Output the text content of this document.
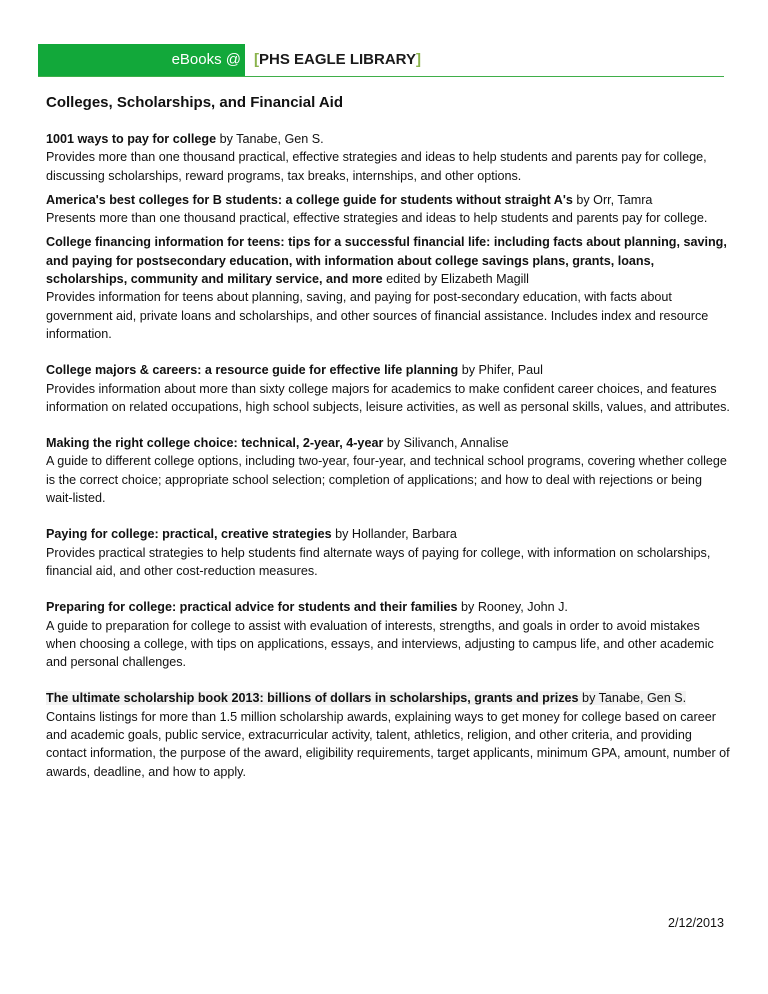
eBooks @ [PHS EAGLE LIBRARY]
Colleges, Scholarships, and Financial Aid
1001 ways to pay for college by Tanabe, Gen S.
Provides more than one thousand practical, effective strategies and ideas to help students and parents pay for college, discussing scholarships, reward programs, tax breaks, internships, and other options.
America's best colleges for B students: a college guide for students without straight A's by Orr, Tamra
Presents more than one thousand practical, effective strategies and ideas to help students and parents pay for college.
College financing information for teens: tips for a successful financial life: including facts about planning, saving, and paying for postsecondary education, with information about college savings plans, grants, loans, scholarships, community and military service, and more edited by Elizabeth Magill
Provides information for teens about planning, saving, and paying for post-secondary education, with facts about government aid, private loans and scholarships, and other sources of financial assistance. Includes index and resource information.
College majors & careers: a resource guide for effective life planning by Phifer, Paul
Provides information about more than sixty college majors for academics to make confident career choices, and features information on related occupations, high school subjects, leisure activities, as well as personal skills, values, and attributes.
Making the right college choice: technical, 2-year, 4-year by Silivanch, Annalise
A guide to different college options, including two-year, four-year, and technical school programs, covering whether college is the correct choice; appropriate school selection; completion of applications; and how to deal with rejections or being wait-listed.
Paying for college: practical, creative strategies by Hollander, Barbara
Provides practical strategies to help students find alternate ways of paying for college, with information on scholarships, financial aid, and other cost-reduction measures.
Preparing for college: practical advice for students and their families by Rooney, John J.
A guide to preparation for college to assist with evaluation of interests, strengths, and goals in order to avoid mistakes when choosing a college, with tips on applications, essays, and interviews, adjusting to campus life, and other academic and personal challenges.
The ultimate scholarship book 2013: billions of dollars in scholarships, grants and prizes by Tanabe, Gen S.
Contains listings for more than 1.5 million scholarship awards, explaining ways to get money for college based on career and academic goals, public service, extracurricular activity, talent, athletics, religion, and other criteria, and providing contact information, the purpose of the award, eligibility requirements, target applicants, minimum GPA, amount, number of awards, deadline, and how to apply.
2/12/2013
